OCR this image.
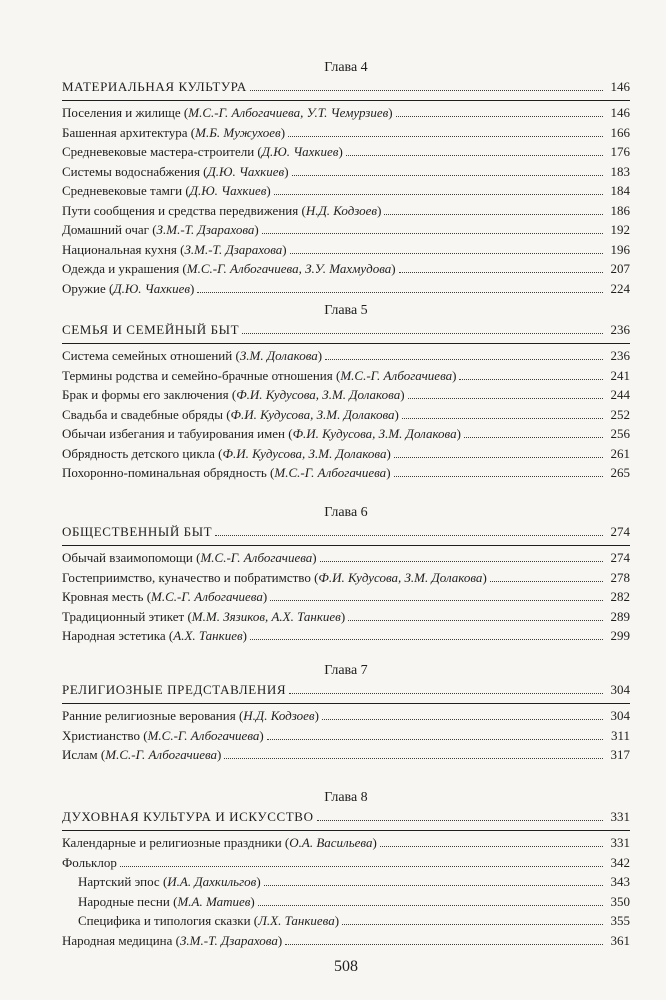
Глава 4
МАТЕРИАЛЬНАЯ КУЛЬТУРА	146
Поселения и жилище ( М.С.-Г. Албогачиева, У.Т. Чемурзиев )	146
Башенная архитектура ( М.Б. Мужухоев )	166
Средневековые мастера-строители ( Д.Ю. Чахкиев )	176
Системы водоснабжения ( Д.Ю. Чахкиев )	183
Средневековые тамги ( Д.Ю. Чахкиев )	184
Пути сообщения и средства передвижения ( Н.Д. Кодзоев )	186
Домашний очаг ( З.М.-Т. Дзарахова )	192
Национальная кухня ( З.М.-Т. Дзарахова )	196
Одежда и украшения ( М.С.-Г. Албогачиева, З.У. Махмудова )	207
Оружие ( Д.Ю. Чахкиев )	224
Глава 5
СЕМЬЯ И СЕМЕЙНЫЙ БЫТ	236
Система семейных отношений ( З.М. Долакова )	236
Термины родства и семейно-брачные отношения ( М.С.-Г. Албогачиева )	241
Брак и формы его заключения ( Ф.И. Кудусова, З.М. Долакова )	244
Свадьба и свадебные обряды ( Ф.И. Кудусова, З.М. Долакова )	252
Обычаи избегания и табуирования имен ( Ф.И. Кудусова, З.М. Долакова )	256
Обрядность детского цикла ( Ф.И. Кудусова, З.М. Долакова )	261
Похоронно-поминальная обрядность ( М.С.-Г. Албогачиева )	265
Глава 6
ОБЩЕСТВЕННЫЙ БЫТ	274
Обычай взаимопомощи ( М.С.-Г. Албогачиева )	274
Гостеприимство, кунaчество и побратимство ( Ф.И. Кудусова, З.М. Долакова )	278
Кровная месть ( М.С.-Г. Албогачиева )	282
Традиционный этикет ( М.М. Зязиков, А.Х. Танкиев )	289
Народная эстетика ( А.Х. Танкиев )	299
Глава 7
РЕЛИГИОЗНЫЕ ПРЕДСТАВЛЕНИЯ	304
Ранние религиозные верования ( Н.Д. Кодзоев )	304
Христианство ( М.С.-Г. Албогачиева )	311
Ислам ( М.С.-Г. Албогачиева )	317
Глава 8
ДУХОВНАЯ КУЛЬТУРА И ИСКУССТВО	331
Календарные и религиозные праздники ( О.А. Васильева )	331
Фольклор	342
Нартский эпос ( И.А. Дахкильгов )	343
Народные песни ( М.А. Матиев )	350
Специфика и типология сказки ( Л.Х. Танкиева )	355
Народная медицина ( З.М.-Т. Дзарахова )	361
508
